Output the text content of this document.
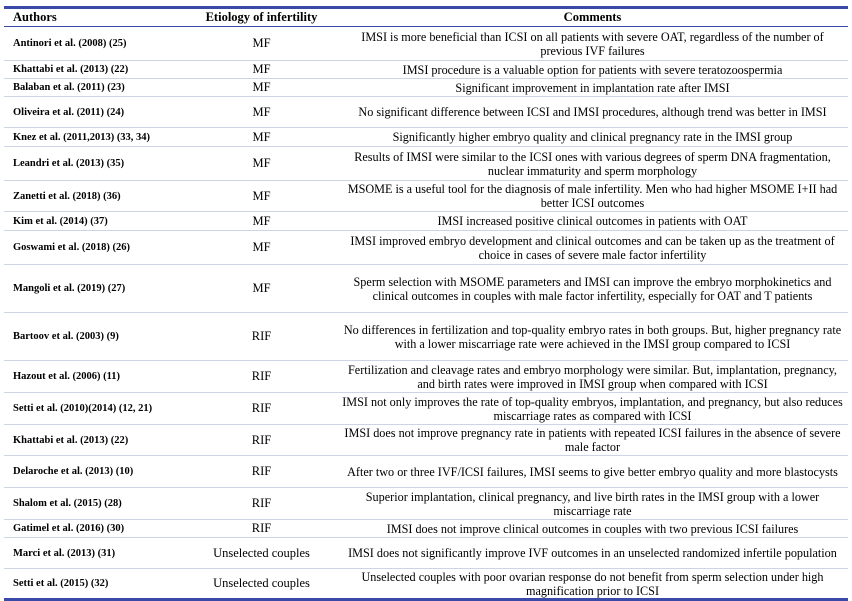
Authors	Etiology of infertility	Comments
Antinori et al. (2008) (25)	MF	IMSI is more beneficial than ICSI on all patients with severe OAT, regardless of the number of previous IVF failures
Khattabi et al. (2013) (22)	MF	IMSI procedure is a valuable option for patients with severe teratozoospermia
Balaban et al. (2011) (23)	MF	Significant improvement in implantation rate after IMSI
Oliveira et al. (2011) (24)	MF	No significant difference between ICSI and IMSI procedures, although trend was better in IMSI
Knez et al. (2011,2013) (33, 34)	MF	Significantly higher embryo quality and clinical pregnancy rate in the IMSI group
Leandri et al. (2013) (35)	MF	Results of IMSI were similar to the ICSI ones with various degrees of sperm DNA fragmentation, nuclear immaturity and sperm morphology
Zanetti et al. (2018) (36)	MF	MSOME is a useful tool for the diagnosis of male infertility. Men who had higher MSOME I+II had better ICSI outcomes
Kim et al. (2014) (37)	MF	IMSI increased positive clinical outcomes in patients with OAT
Goswami et al. (2018) (26)	MF	IMSI improved embryo development and clinical outcomes and can be taken up as the treatment of choice in cases of severe male factor infertility
Mangoli et al. (2019) (27)	MF	Sperm selection with MSOME parameters and IMSI can improve the embryo morphokinetics and clinical outcomes in couples with male factor infertility, especially for OAT and T patients
Bartoov et al. (2003) (9)	RIF	No differences in fertilization and top-quality embryo rates in both groups. But, higher pregnancy rate with a lower miscarriage rate were achieved in the IMSI group compared to ICSI
Hazout et al. (2006) (11)	RIF	Fertilization and cleavage rates and embryo morphology were similar. But, implantation, pregnancy, and birth rates were improved in IMSI group when compared with ICSI
Setti et al. (2010)(2014) (12, 21)	RIF	IMSI not only improves the rate of top-quality embryos, implantation, and pregnancy, but also reduces miscarriage rates as compared with ICSI
Khattabi et al. (2013) (22)	RIF	IMSI does not improve pregnancy rate in patients with repeated ICSI failures in the absence of severe male factor
Delaroche et al. (2013) (10)	RIF	After two or three IVF/ICSI failures, IMSI seems to give better embryo quality and more blastocysts
Shalom et al. (2015) (28)	RIF	Superior implantation, clinical pregnancy, and live birth rates in the IMSI group with a lower miscarriage rate
Gatimel et al. (2016) (30)	RIF	IMSI does not improve clinical outcomes in couples with two previous ICSI failures
Marci et al. (2013) (31)	Unselected couples	IMSI does not significantly improve IVF outcomes in an unselected randomized infertile population
Setti et al. (2015) (32)	Unselected couples	Unselected couples with poor ovarian response do not benefit from sperm selection under high magnification prior to ICSI
